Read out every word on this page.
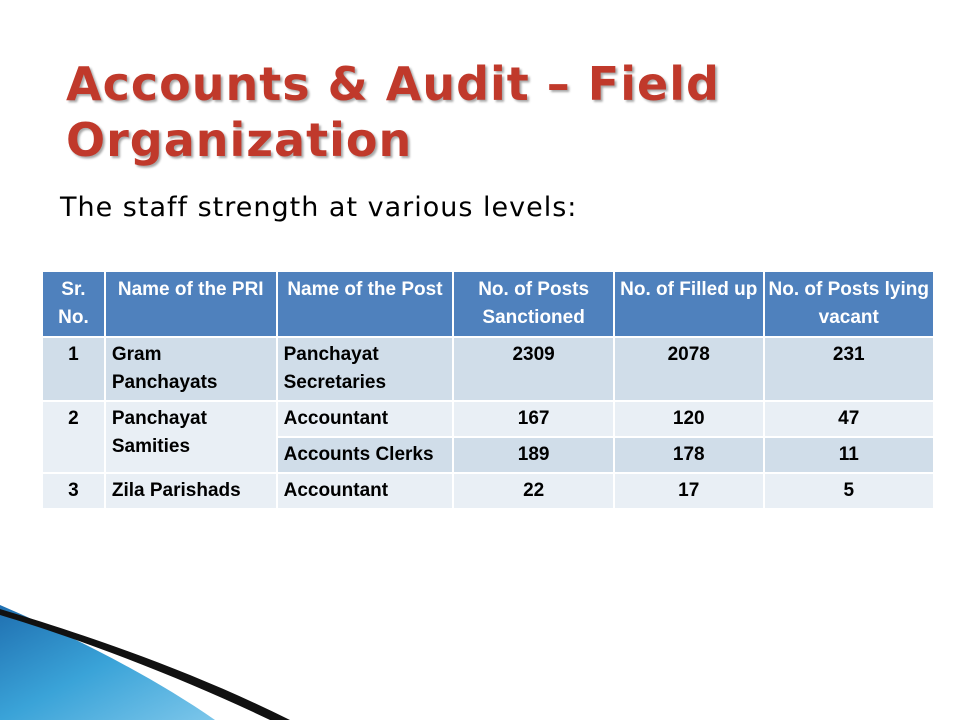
Accounts & Audit – Field Organization
The staff strength at various levels:
Sr. No.	Name of the PRI	Name of the Post	No. of Posts Sanctioned	No. of Filled up	No. of Posts lying vacant
1	Gram Panchayats	Panchayat Secretaries	2309	2078	231
2	Panchayat Samities	Accountant	167	120	47
		Accounts Clerks	189	178	11
3	Zila Parishads	Accountant	22	17	5
